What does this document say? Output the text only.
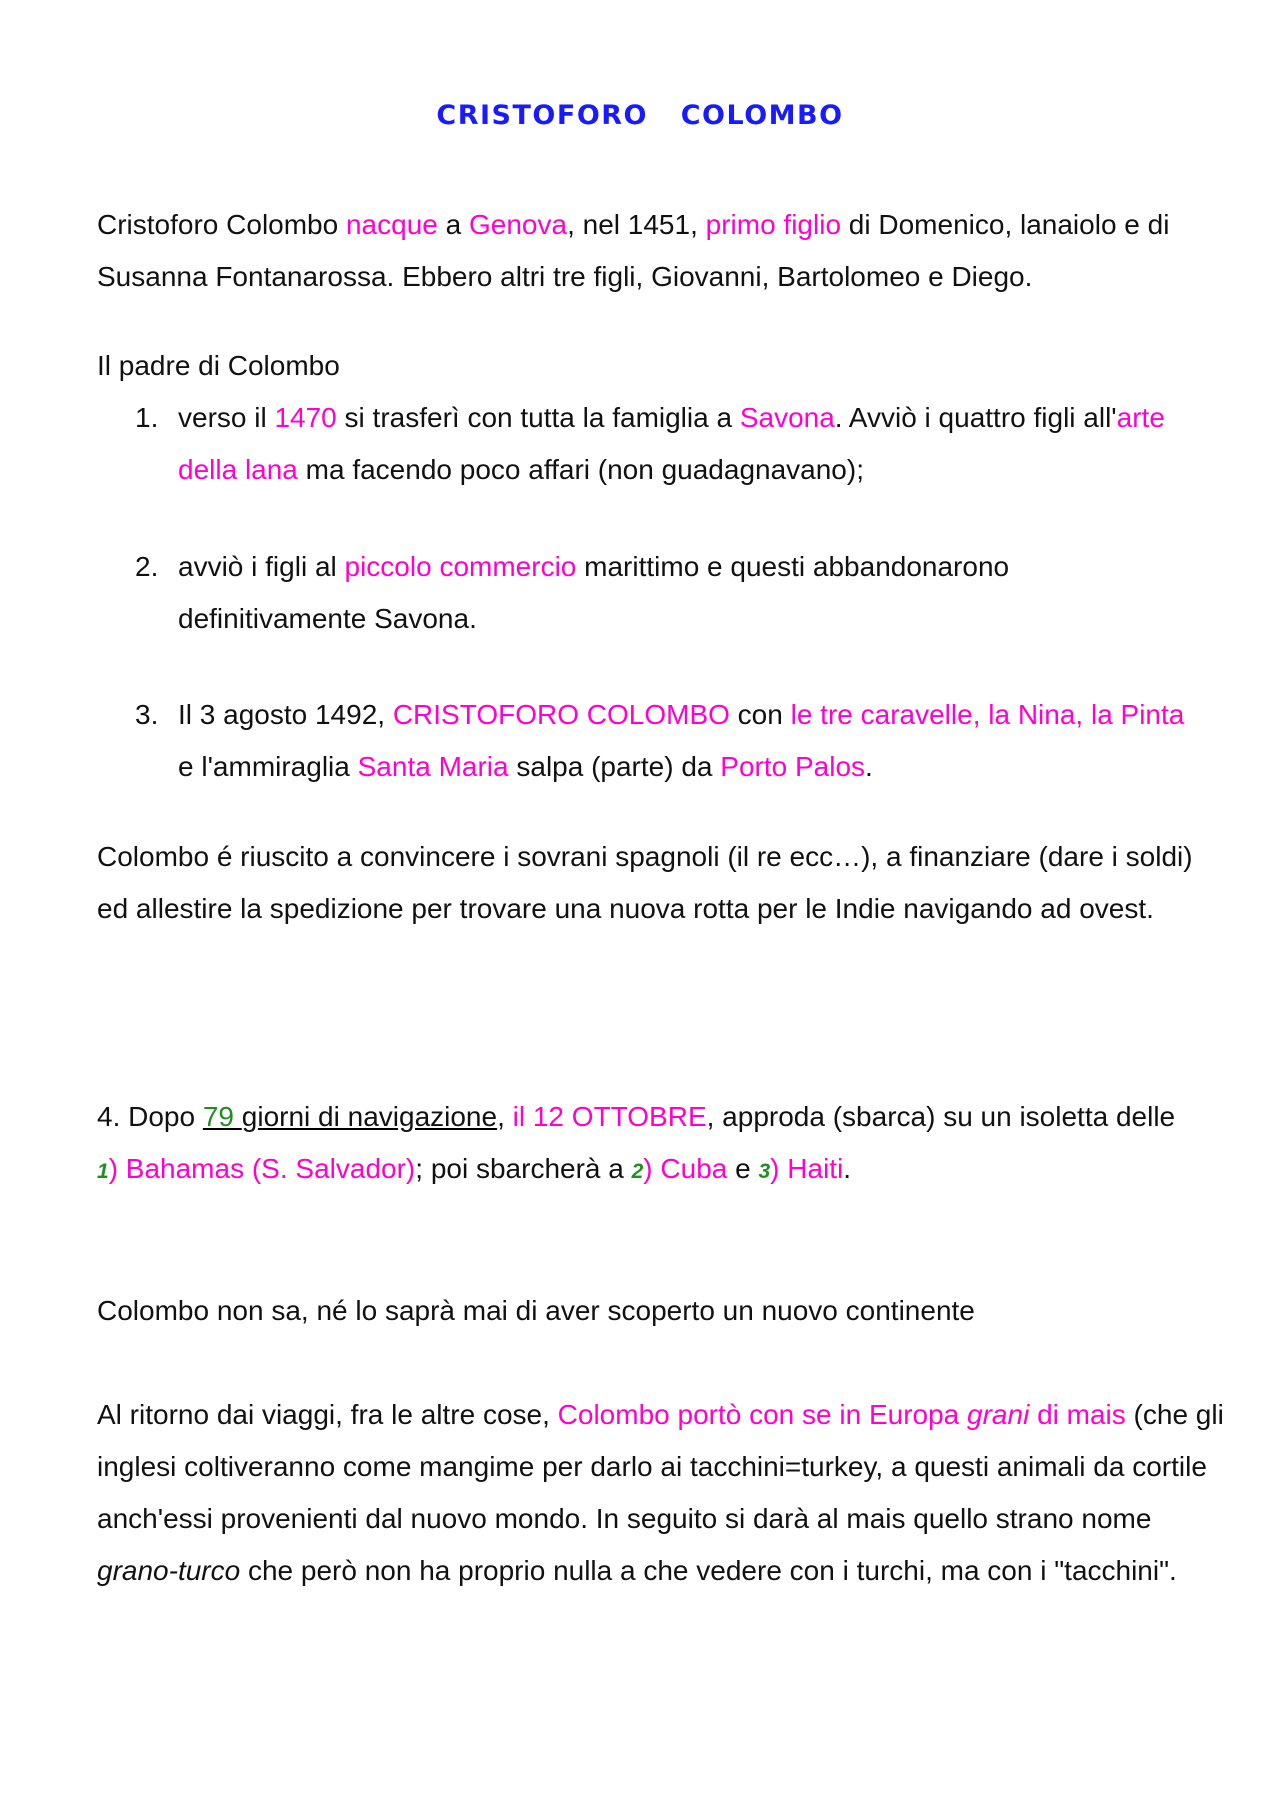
CRISTOFORO   COLOMBO

Cristoforo Colombo nacque a Genova, nel 1451, primo figlio di Domenico, lanaiolo e di Susanna Fontanarossa. Ebbero altri tre figli, Giovanni, Bartolomeo e Diego.

Il padre di Colombo

1. verso il 1470 si trasferì con tutta la famiglia a Savona. Avviò i quattro figli all'arte della lana ma facendo poco affari (non guadagnavano);
2. avviò i figli al piccolo commercio marittimo e questi abbandonarono definitivamente Savona.
3. Il 3 agosto 1492, CRISTOFORO COLOMBO con le tre caravelle, la Nina, la Pinta e l'ammiraglia Santa Maria salpa (parte) da Porto Palos.

Colombo é riuscito a convincere i sovrani spagnoli (il re ecc…), a finanziare (dare i soldi) ed allestire la spedizione per trovare una nuova rotta per le Indie navigando ad ovest.

4. Dopo 79 giorni di navigazione, il 12 OTTOBRE, approda (sbarca) su un isoletta delle
1) Bahamas (S. Salvador); poi sbarcherà a 2) Cuba e 3) Haiti.

Colombo non sa, né lo saprà mai di aver scoperto un nuovo continente

Al ritorno dai viaggi, fra le altre cose, Colombo portò con se in Europa grani di mais (che gli inglesi coltiveranno come mangime per darlo ai tacchini=turkey, a questi animali da cortile anch'essi provenienti dal nuovo mondo. In seguito si darà al mais quello strano nome grano-turco che però non ha proprio nulla a che vedere con i turchi, ma con i "tacchini".
